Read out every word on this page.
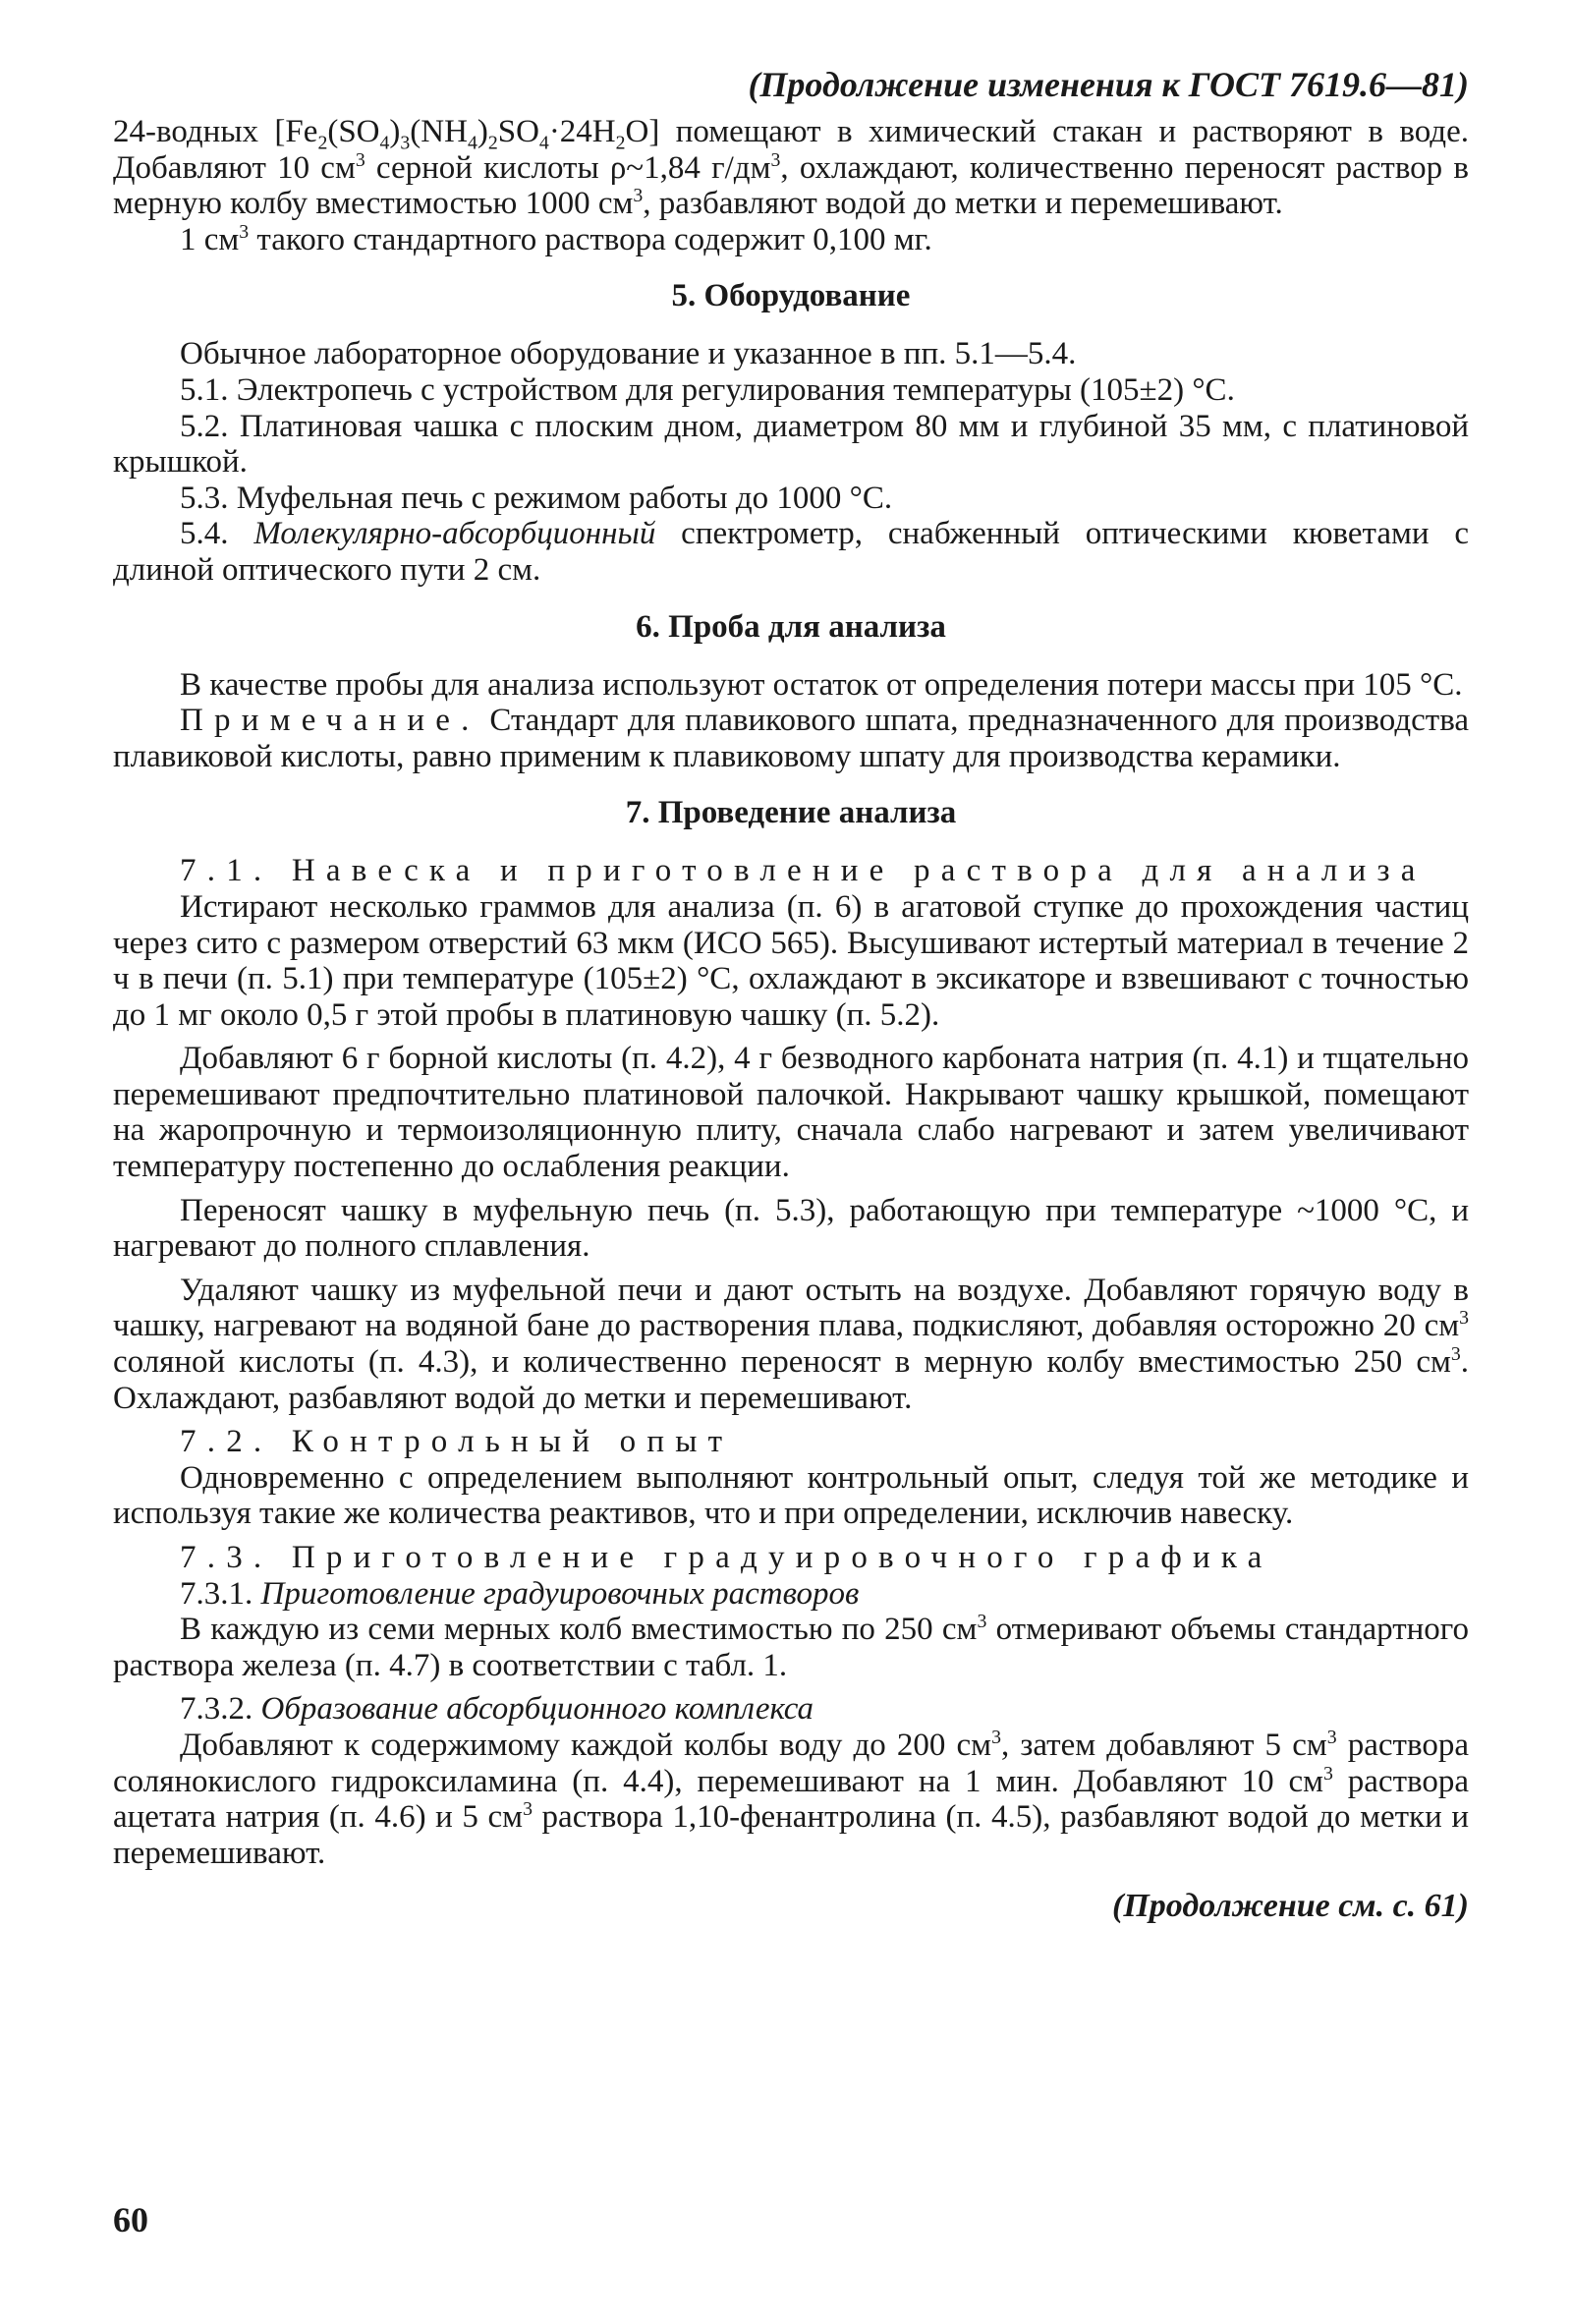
(Продолжение изменения к ГОСТ 7619.6—81)

24-водных $[Fe_2(SO_4)_3(NH_4)_2SO_4\cdot 24H_2O]$ помещают в химический стакан и растворяют в воде. Добавляют 10 $см^3$ серной кислоты ρ~1,84 $г/дм^3$, охлаждают, количественно переносят раствор в мерную колбу вместимостью 1000 $см^3$, разбавляют водой до метки и перемешивают.

1 $см^3$ такого стандартного раствора содержит 0,100 мг.

5. Оборудование

Обычное лабораторное оборудование и указанное в пп. 5.1—5.4.

5.1. Электропечь с устройством для регулирования температуры (105±2) °С.

5.2. Платиновая чашка с плоским дном, диаметром 80 мм и глубиной 35 мм, с платиновой крышкой.

5.3. Муфельная печь с режимом работы до 1000 °С.

5.4. Молекулярно-абсорбционный спектрометр, снабженный оптическими кюветами с длиной оптического пути 2 см.

6. Проба для анализа

В качестве пробы для анализа используют остаток от определения потери массы при 105 °С.

Примечание. Стандарт для плавикового шпата, предназначенного для производства плавиковой кислоты, равно применим к плавиковому шпату для производства керамики.

7. Проведение анализа

7.1. Навеска и приготовление раствора для анализа

Истирают несколько граммов для анализа (п. 6) в агатовой ступке до прохождения частиц через сито с размером отверстий 63 мкм (ИСО 565). Высушивают истертый материал в течение 2 ч в печи (п. 5.1) при температуре (105±2) °С, охлаждают в эксикаторе и взвешивают с точностью до 1 мг около 0,5 г этой пробы в платиновую чашку (п. 5.2).

Добавляют 6 г борной кислоты (п. 4.2), 4 г безводного карбоната натрия (п. 4.1) и тщательно перемешивают предпочтительно платиновой палочкой. Накрывают чашку крышкой, помещают на жаропрочную и термоизоляционную плиту, сначала слабо нагревают и затем увеличивают температуру постепенно до ослабления реакции.

Переносят чашку в муфельную печь (п. 5.3), работающую при температуре ~1000 °С, и нагревают до полного сплавления.

Удаляют чашку из муфельной печи и дают остыть на воздухе. Добавляют горячую воду в чашку, нагревают на водяной бане до растворения плава, подкисляют, добавляя осторожно 20 $см^3$ соляной кислоты (п. 4.3), и количественно переносят в мерную колбу вместимостью 250 $см^3$. Охлаждают, разбавляют водой до метки и перемешивают.

7.2. Контрольный опыт

Одновременно с определением выполняют контрольный опыт, следуя той же методике и используя такие же количества реактивов, что и при определении, исключив навеску.

7.3. Приготовление градуировочного графика

7.3.1. Приготовление градуировочных растворов

В каждую из семи мерных колб вместимостью по 250 $см^3$ отмеривают объемы стандартного раствора железа (п. 4.7) в соответствии с табл. 1.

7.3.2. Образование абсорбционного комплекса

Добавляют к содержимому каждой колбы воду до 200 $см^3$, затем добавляют 5 $см^3$ раствора солянокислого гидроксиламина (п. 4.4), перемешивают на 1 мин. Добавляют 10 $см^3$ раствора ацетата натрия (п. 4.6) и 5 $см^3$ раствора 1,10-фенантролина (п. 4.5), разбавляют водой до метки и перемешивают.

(Продолжение см. с. 61)
60
